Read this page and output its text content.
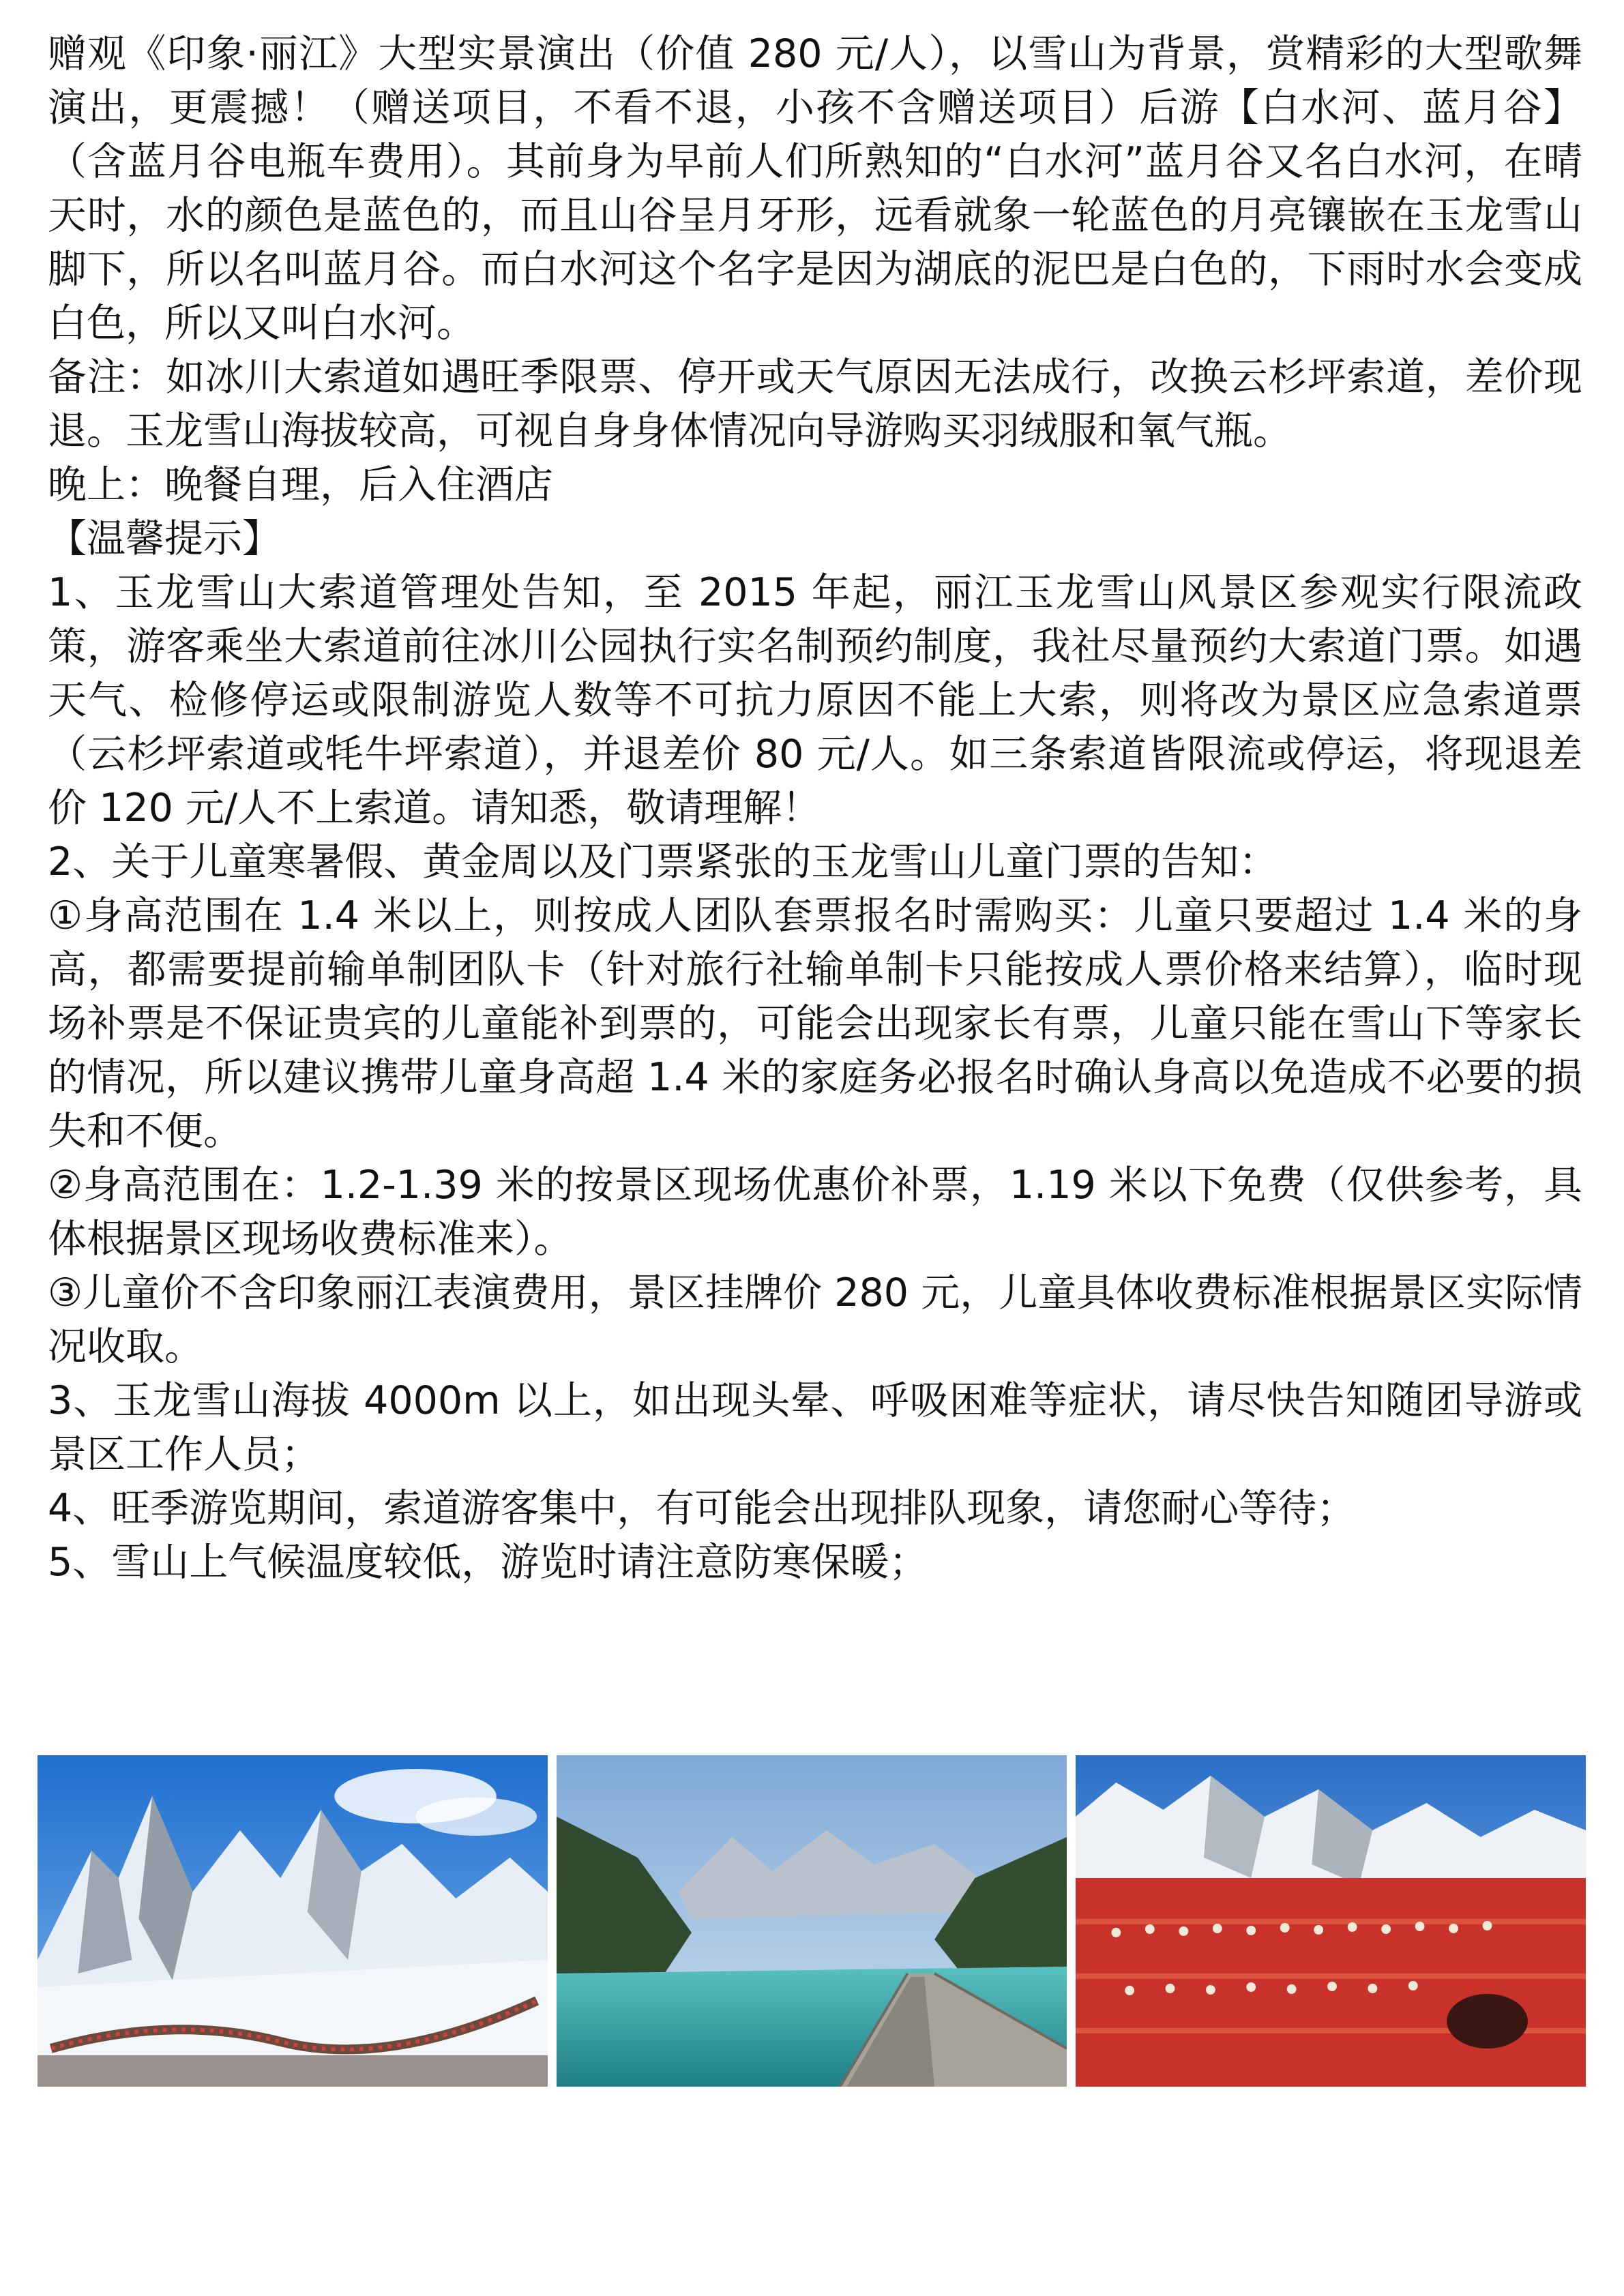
赠观《印象·丽江》大型实景演出（价值 280 元/人），以雪山为背景，赏精彩的大型歌舞演出，更震撼！（赠送项目，不看不退，小孩不含赠送项目）后游【白水河、蓝月谷】（含蓝月谷电瓶车费用）。其前身为早前人们所熟知的“白水河”蓝月谷又名白水河，在晴天时，水的颜色是蓝色的，而且山谷呈月牙形，远看就象一轮蓝色的月亮镶嵌在玉龙雪山脚下，所以名叫蓝月谷。而白水河这个名字是因为湖底的泥巴是白色的，下雨时水会变成白色，所以又叫白水河。

备注：如冰川大索道如遇旺季限票、停开或天气原因无法成行，改换云杉坪索道，差价现退。玉龙雪山海拔较高，可视自身身体情况向导游购买羽绒服和氧气瓶。

晚上：晚餐自理，后入住酒店

【温馨提示】

1、玉龙雪山大索道管理处告知，至 2015 年起，丽江玉龙雪山风景区参观实行限流政策，游客乘坐大索道前往冰川公园执行实名制预约制度，我社尽量预约大索道门票。如遇天气、检修停运或限制游览人数等不可抗力原因不能上大索，则将改为景区应急索道票（云杉坪索道或牦牛坪索道），并退差价 80 元/人。如三条索道皆限流或停运，将现退差价 120 元/人不上索道。请知悉，敬请理解！

2、关于儿童寒暑假、黄金周以及门票紧张的玉龙雪山儿童门票的告知：

①身高范围在 1.4 米以上，则按成人团队套票报名时需购买：儿童只要超过 1.4 米的身高，都需要提前输单制团队卡（针对旅行社输单制卡只能按成人票价格来结算），临时现场补票是不保证贵宾的儿童能补到票的，可能会出现家长有票，儿童只能在雪山下等家长的情况，所以建议携带儿童身高超 1.4 米的家庭务必报名时确认身高以免造成不必要的损失和不便。

②身高范围在：1.2-1.39 米的按景区现场优惠价补票，1.19 米以下免费（仅供参考，具体根据景区现场收费标准来）。

③儿童价不含印象丽江表演费用，景区挂牌价 280 元，儿童具体收费标准根据景区实际情况收取。

3、玉龙雪山海拔 4000m 以上，如出现头晕、呼吸困难等症状，请尽快告知随团导游或景区工作人员；

4、旺季游览期间，索道游客集中，有可能会出现排队现象，请您耐心等待；

5、雪山上气候温度较低，游览时请注意防寒保暖；
